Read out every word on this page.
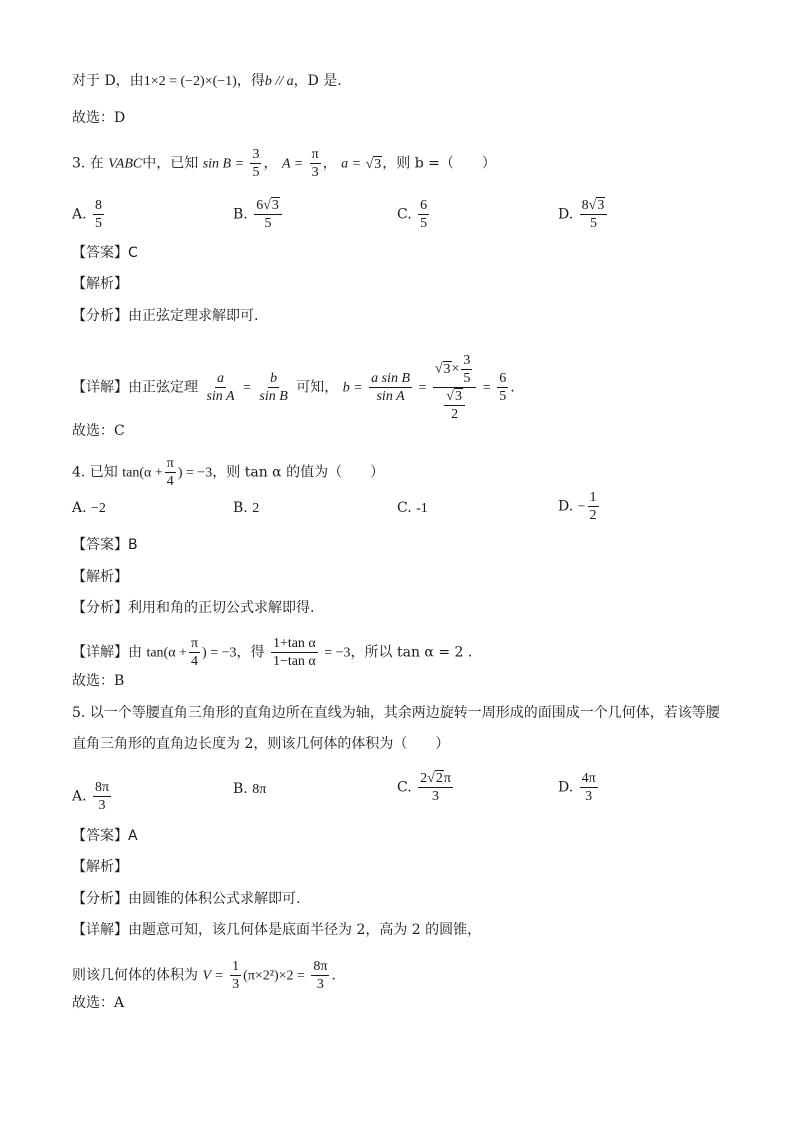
对于 D，由1×2 = (−2)×(−1)，得b // a，D 是.
故选：D
3. 在 VABC中，已知 $\sin B = \frac{3}{5}$ ， $A = \frac{\pi}{3}$ ， a = √3，则 b =（　　）
A. $\frac{8}{5}$	B. $\frac{6√3}{5}$	C. $\frac{6}{5}$	D. $\frac{8√3}{5}$
【答案】C
【解析】
【分析】由正弦定理求解即可.
【详解】由正弦定理 $\frac{a}{\text{sin A}} = \frac{b}{\text{sin B}}$ 可知， $b = \frac{\text{a sin B}}{\text{sin A}} = \frac{√3\times \frac{3}{5}}{\frac{√3}{2}} = \frac{6}{5}$ .
故选：C
4. 已知 $\tan(\alpha + \frac{\pi}{4}$ ) = −3，则 tan α 的值为（　　）
A. −2	B. 2	C. -1	D. − $\frac{1}{2}$
【答案】B
【解析】
【分析】利用和角的正切公式求解即得.
【详解】由 $\tan(\alpha + \frac{\pi}{4}$ ) = −3，得 $\frac{\text{1+tan α}}{\text{1−tan α}} = -3$，所以 tan α = 2 .
故选：B
5. 以一个等腰直角三角形的直角边所在直线为轴，其余两边旋转一周形成的面围成一个几何体，若该等腰
直角三角形的直角边长度为 2，则该几何体的体积为（　　）
A. $\frac{8\pi}{3}$	B. 8π	C. $\frac{2√2\pi}{3}$	D. $\frac{4\pi}{3}$
【答案】A
【解析】
【分析】由圆锥的体积公式求解即可.
【详解】由题意可知，该几何体是底面半径为 2，高为 2 的圆锥，
则该几何体的体积为 $V = \frac{1}{3} (\pi\times 2^2)\times 2 = \frac{8\pi}{3}$ .
故选：A
